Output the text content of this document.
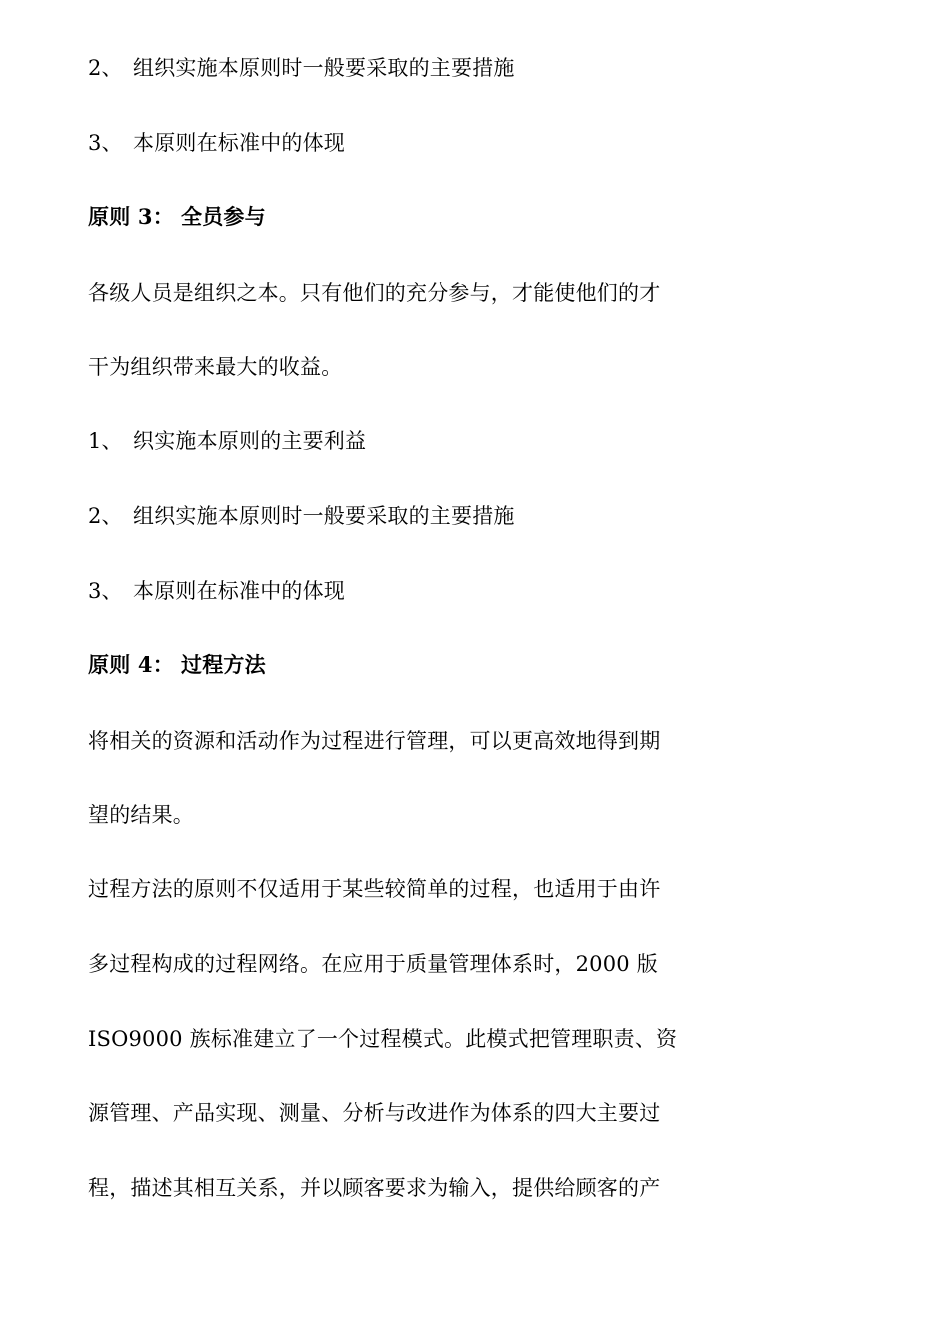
2、 组织实施本原则时一般要采取的主要措施
3、 本原则在标准中的体现
原则 3： 全员参与
各级人员是组织之本。只有他们的充分参与，才能使他们的才
干为组织带来最大的收益。
1、 织实施本原则的主要利益
2、 组织实施本原则时一般要采取的主要措施
3、 本原则在标准中的体现
原则 4： 过程方法
将相关的资源和活动作为过程进行管理，可以更高效地得到期
望的结果。
过程方法的原则不仅适用于某些较简单的过程，也适用于由许
多过程构成的过程网络。在应用于质量管理体系时，2000 版
ISO9000 族标准建立了一个过程模式。此模式把管理职责、资
源管理、产品实现、测量、分析与改进作为体系的四大主要过
程，描述其相互关系，并以顾客要求为输入，提供给顾客的产
